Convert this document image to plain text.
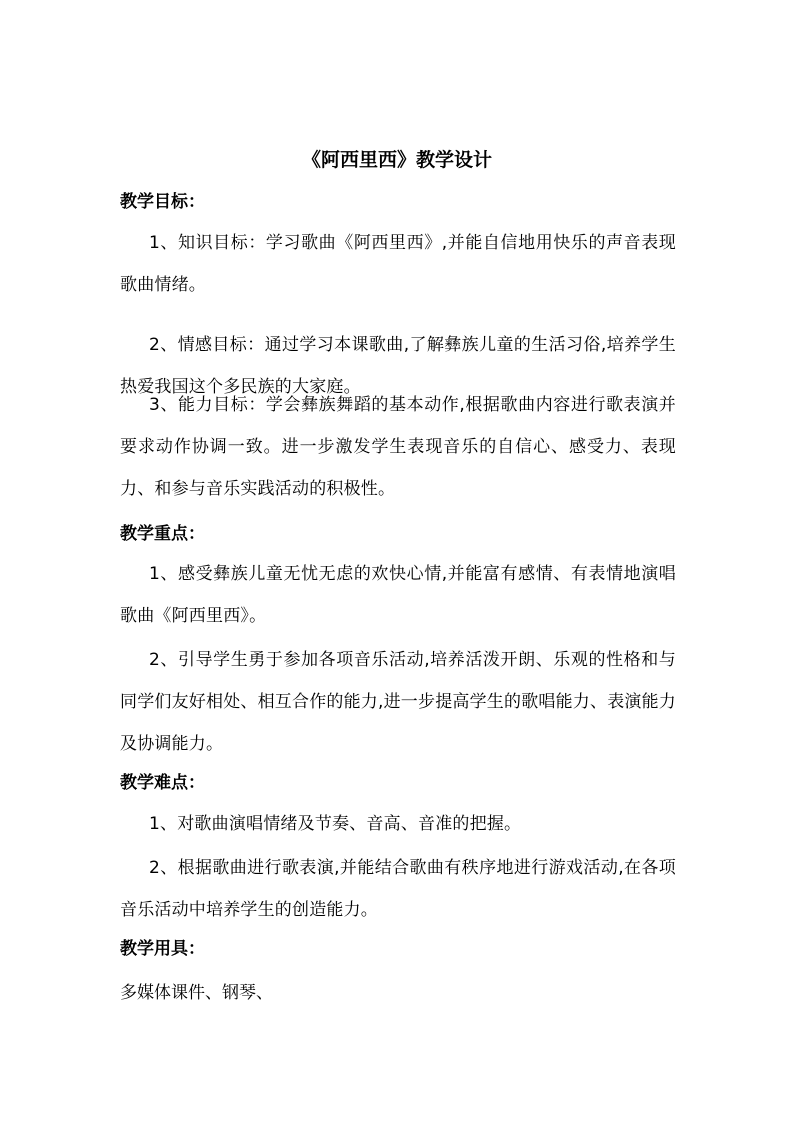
《阿西里西》教学设计
教学目标：
1、知识目标：学习歌曲《阿西里西》,并能自信地用快乐的声音表现歌曲情绪。
2、情感目标：通过学习本课歌曲,了解彝族儿童的生活习俗,培养学生热爱我国这个多民族的大家庭。
3、能力目标：学会彝族舞蹈的基本动作,根据歌曲内容进行歌表演并要求动作协调一致。进一步激发学生表现音乐的自信心、感受力、表现力、和参与音乐实践活动的积极性。
教学重点：
1、感受彝族儿童无忧无虑的欢快心情,并能富有感情、有表情地演唱歌曲《阿西里西》。
2、引导学生勇于参加各项音乐活动,培养活泼开朗、乐观的性格和与同学们友好相处、相互合作的能力,进一步提高学生的歌唱能力、表演能力及协调能力。
教学难点：
1、对歌曲演唱情绪及节奏、音高、音准的把握。
2、根据歌曲进行歌表演,并能结合歌曲有秩序地进行游戏活动,在各项音乐活动中培养学生的创造能力。
教学用具：
多媒体课件、钢琴、
